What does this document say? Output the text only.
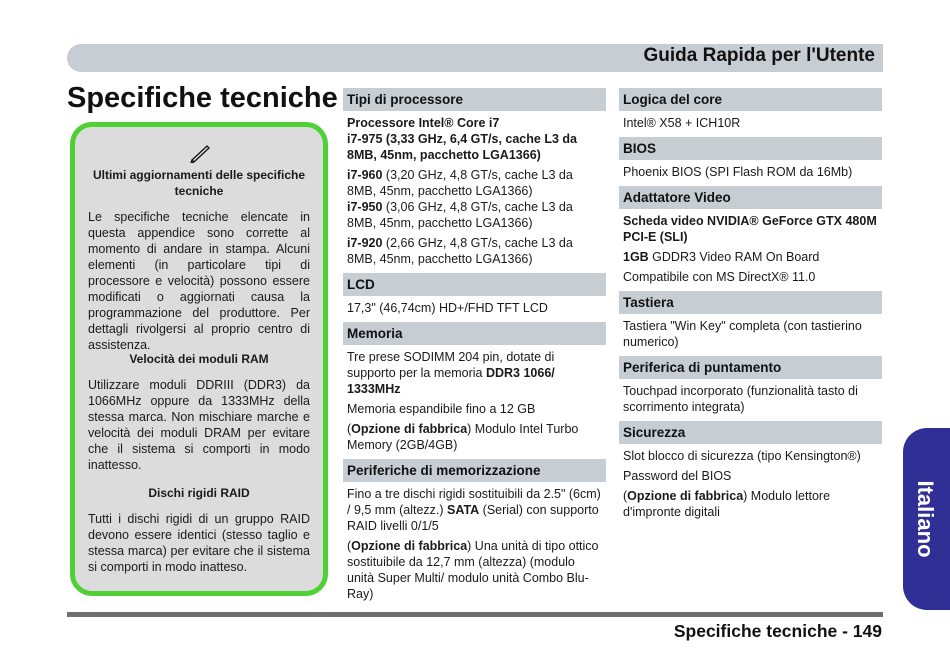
Guida Rapida per l'Utente
Specifiche tecniche
Ultimi aggiornamenti delle specifiche tecniche
Le specifiche tecniche elencate in questa appendice sono corrette al momento di andare in stampa. Alcuni elementi (in particolare tipi di processore e velocità) possono essere modificati o aggiornati causa la programmazione del produttore. Per dettagli rivolgersi al proprio centro di assistenza.
Velocità dei moduli RAM
Utilizzare moduli DDRIII (DDR3) da 1066MHz oppure da 1333MHz della stessa marca. Non mischiare marche e velocità dei moduli DRAM per evitare che il sistema si comporti in modo inattesso.
Dischi rigidi RAID
Tutti i dischi rigidi di un gruppo RAID devono essere identici (stesso taglio e stessa marca) per evitare che il sistema si comporti in modo inatteso.
Tipi di processore

Processore Intel® Core i7

i7-975 (3,33 GHz, 6,4 GT/s, cache L3 da 8MB, 45nm, pacchetto LGA1366)

i7-960 (3,20 GHz, 4,8 GT/s, cache L3 da 8MB, 45nm, pacchetto LGA1366)

i7-950 (3,06 GHz, 4,8 GT/s, cache L3 da 8MB, 45nm, pacchetto LGA1366)

i7-920 (2,66 GHz, 4,8 GT/s, cache L3 da 8MB, 45nm, pacchetto LGA1366)

LCD

17,3" (46,74cm) HD+/FHD TFT LCD

Memoria

Tre prese SODIMM 204 pin, dotate di supporto per la memoria DDR3 1066/ 1333MHz

Memoria espandibile fino a 12 GB

(Opzione di fabbrica) Modulo Intel Turbo Memory (2GB/4GB)

Periferiche di memorizzazione

Fino a tre dischi rigidi sostituibili da 2.5" (6cm) / 9,5 mm (altezz.) SATA (Serial) con supporto RAID livelli 0/1/5

(Opzione di fabbrica) Una unità di tipo ottico sostituibile da 12,7 mm (altezza) (modulo unità Super Multi/ modulo unità Combo Blu-Ray)

Logica del core

Intel® X58 + ICH10R

BIOS

Phoenix BIOS (SPI Flash ROM da 16Mb)

Adattatore Video

Scheda video NVIDIA® GeForce GTX 480M PCI-E (SLI)

1GB GDDR3 Video RAM On Board

Compatibile con MS DirectX® 11.0

Tastiera

Tastiera "Win Key" completa (con tastierino numerico)

Periferica di puntamento

Touchpad incorporato (funzionalità tasto di scorrimento integrata)

Sicurezza

Slot blocco di sicurezza (tipo Kensington®)

Password del BIOS

(Opzione di fabbrica) Modulo lettore d'impronte digitali	Italiano
Specifiche tecniche - 149
